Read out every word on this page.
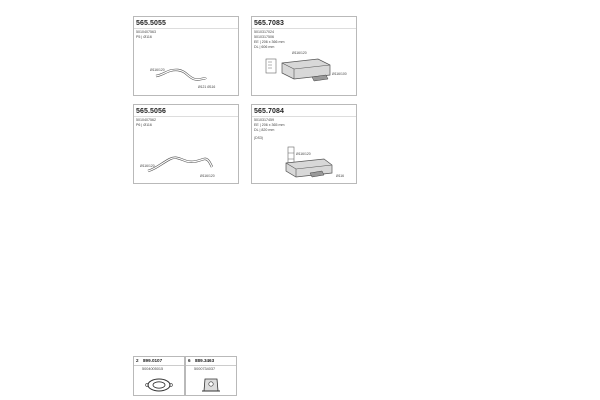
565.5055
5010407563
P5 | Ø116
Ø116/120
Ø121 Ø116
565.7083
5010317024
5010317506
EE | 206 x 366 mm
DL | 606 mm
Ø116/120
Ø116/100
565.5056
5010407562
P6 | Ø116
Ø116/120
Ø116/120
565.7084
5010317459
EE | 206 x 365 mm
DL | 820 mm
(DS3)
Ø116/120
Ø116
2 899.0107
5004005015
6 889.3463
5000734037
